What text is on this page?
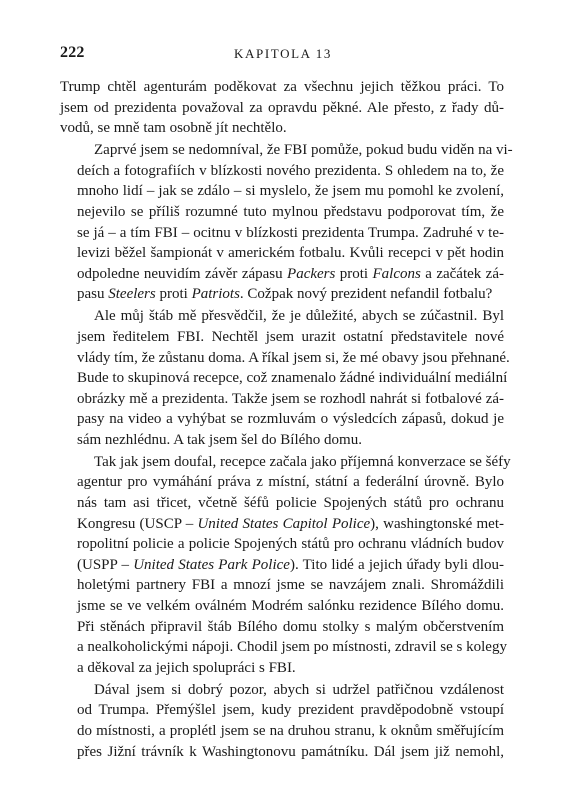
222	KAPITOLA 13

Trump chtěl agenturám poděkovat za všechnu jejich těžkou práci. To
jsem od prezidenta považoval za opravdu pěkné. Ale přesto, z řady dů-
vodů, se mně tam osobně jít nechtělo.

Zaprvé jsem se nedomníval, že FBI pomůže, pokud budu viděn na vi-
deích a fotografiích v blízkosti nového prezidenta. S ohledem na to, že
mnoho lidí – jak se zdálo – si myslelo, že jsem mu pomohl ke zvolení,
nejevilo se příliš rozumné tuto mylnou představu podporovat tím, že
se já – a tím FBI – ocitnu v blízkosti prezidenta Trumpa. Zadruhé v te-
levizi běžel šampionát v americkém fotbalu. Kvůli recepci v pět hodin
odpoledne neuvidím závěr zápasu Packers proti Falcons a začátek zá-
pasu Steelers proti Patriots. Cožpak nový prezident nefandil fotbalu?

Ale můj štáb mě přesvědčil, že je důležité, abych se zúčastnil. Byl
jsem ředitelem FBI. Nechtěl jsem urazit ostatní představitele nové
vlády tím, že zůstanu doma. A říkal jsem si, že mé obavy jsou přehnané.
Bude to skupinová recepce, což znamenalo žádné individuální mediální
obrázky mě a prezidenta. Takže jsem se rozhodl nahrát si fotbalové zá-
pasy na video a vyhýbat se rozmluvám o výsledcích zápasů, dokud je
sám nezhlédnu. A tak jsem šel do Bílého domu.

Tak jak jsem doufal, recepce začala jako příjemná konverzace se šéfy
agentur pro vymáhání práva z místní, státní a federální úrovně. Bylo
nás tam asi třicet, včetně šéfů policie Spojených států pro ochranu
Kongresu (USCP – United States Capitol Police), washingtonské met-
ropolitní policie a policie Spojených států pro ochranu vládních budov
(USPP – United States Park Police). Tito lidé a jejich úřady byli dlou-
holetými partnery FBI a mnozí jsme se navzájem znali. Shromáždili
jsme se ve velkém oválném Modrém salónku rezidence Bílého domu.
Při stěnách připravil štáb Bílého domu stolky s malým občerstvením
a nealkoholickými nápoji. Chodil jsem po místnosti, zdravil se s kolegy
a děkoval za jejich spolupráci s FBI.

Dával jsem si dobrý pozor, abych si udržel patřičnou vzdálenost
od Trumpa. Přemýšlel jsem, kudy prezident pravděpodobně vstoupí
do místnosti, a proplétl jsem se na druhou stranu, k oknům směřujícím
přes Jižní trávník k Washingtonovu památníku. Dál jsem již nemohl,
